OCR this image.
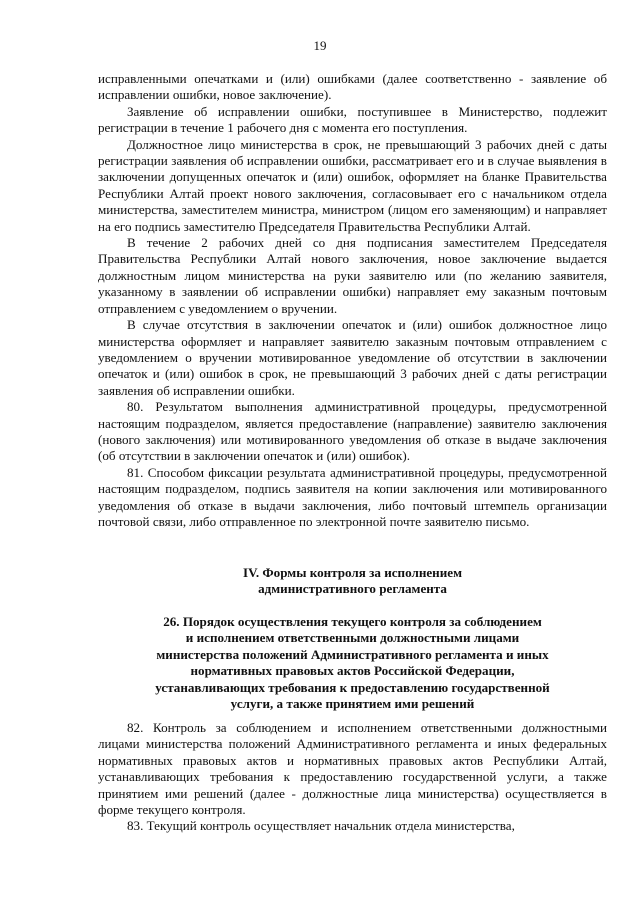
19

исправленными опечатками и (или) ошибками (далее соответственно - заявление об исправлении ошибки, новое заключение).

Заявление об исправлении ошибки, поступившее в Министерство, подлежит регистрации в течение 1 рабочего дня с момента его поступления.

Должностное лицо министерства в срок, не превышающий 3 рабочих дней с даты регистрации заявления об исправлении ошибки, рассматривает его и в случае выявления в заключении допущенных опечаток и (или) ошибок, оформляет на бланке Правительства Республики Алтай проект нового заключения, согласовывает его с начальником отдела министерства, заместителем министра, министром (лицом его заменяющим) и направляет на его подпись заместителю Председателя Правительства Республики Алтай.

В течение 2 рабочих дней со дня подписания заместителем Председателя Правительства Республики Алтай нового заключения, новое заключение выдается должностным лицом министерства на руки заявителю или (по желанию заявителя, указанному в заявлении об исправлении ошибки) направляет ему заказным почтовым отправлением с уведомлением о вручении.

В случае отсутствия в заключении опечаток и (или) ошибок должностное лицо министерства оформляет и направляет заявителю заказным почтовым отправлением с уведомлением о вручении мотивированное уведомление об отсутствии в заключении опечаток и (или) ошибок в срок, не превышающий 3 рабочих дней с даты регистрации заявления об исправлении ошибки.

80. Результатом выполнения административной процедуры, предусмотренной настоящим подразделом, является предоставление (направление) заявителю заключения (нового заключения) или мотивированного уведомления об отказе в выдаче заключения (об отсутствии в заключении опечаток и (или) ошибок).

81. Способом фиксации результата административной процедуры, предусмотренной настоящим подразделом, подпись заявителя на копии заключения или мотивированного уведомления об отказе в выдачи заключения, либо почтовый штемпель организации почтовой связи, либо отправленное по электронной почте заявителю письмо.

IV. Формы контроля за исполнением
административного регламента
26. Порядок осуществления текущего контроля за соблюдением
и исполнением ответственными должностными лицами
министерства положений Административного регламента и иных
нормативных правовых актов Российской Федерации,
устанавливающих требования к предоставлению государственной
услуги, а также принятием ими решений

82. Контроль за соблюдением и исполнением ответственными должностными лицами министерства положений Административного регламента и иных федеральных нормативных правовых актов и нормативных правовых актов Республики Алтай, устанавливающих требования к предоставлению государственной услуги, а также принятием ими решений (далее - должностные лица министерства) осуществляется в форме текущего контроля.

83. Текущий контроль осуществляет начальник отдела министерства,
